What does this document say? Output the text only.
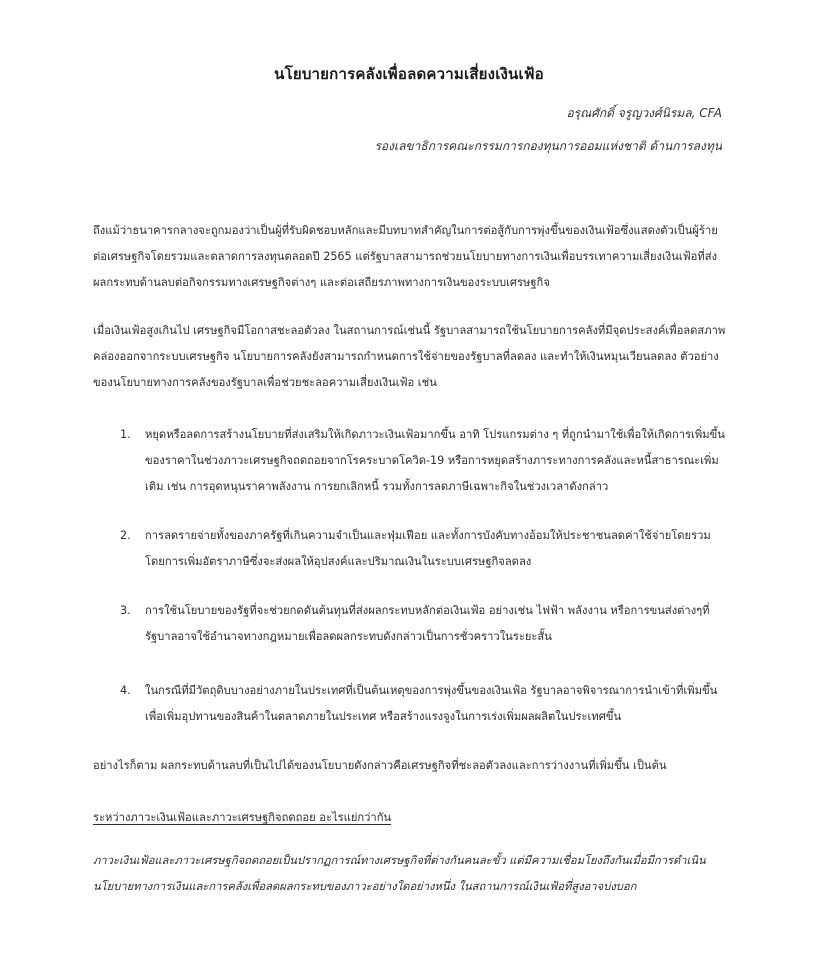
นโยบายการคลังเพื่อลดความเสี่ยงเงินเฟ้อ
อรุณศักดิ์ จรูญวงศ์นิรมล, CFA
รองเลขาธิการคณะกรรมการกองทุนการออมแห่งชาติ ด้านการลงทุน

ถึงแม้ว่าธนาคารกลางจะถูกมองว่าเป็นผู้ที่รับผิดชอบหลักและมีบทบาทสำคัญในการต่อสู้กับการพุ่งขึ้นของเงินเฟ้อซึ่งแสดงตัวเป็นผู้ร้ายต่อเศรษฐกิจโดยรวมและตลาดการลงทุนตลอดปี 2565 แต่รัฐบาลสามารถช่วยนโยบายทางการเงินเพื่อบรรเทาความเสี่ยงเงินเฟ้อที่ส่งผลกระทบด้านลบต่อกิจกรรมทางเศรษฐกิจต่างๆ และต่อเสถียรภาพทางการเงินของระบบเศรษฐกิจ

เมื่อเงินเฟ้อสูงเกินไป เศรษฐกิจมีโอกาสชะลอตัวลง ในสถานการณ์เช่นนี้ รัฐบาลสามารถใช้นโยบายการคลังที่มีจุดประสงค์เพื่อลดสภาพคล่องออกจากระบบเศรษฐกิจ นโยบายการคลังยังสามารถกำหนดการใช้จ่ายของรัฐบาลที่ลดลง และทำให้เงินหมุนเวียนลดลง ตัวอย่างของนโยบายทางการคลังของรัฐบาลเพื่อช่วยชะลอความเสี่ยงเงินเฟ้อ เช่น

1.	หยุดหรือลดการสร้างนโยบายที่ส่งเสริมให้เกิดภาวะเงินเฟ้อมากขึ้น อาทิ โปรแกรมต่าง ๆ ที่ถูกนำมาใช้เพื่อให้เกิดการเพิ่มขึ้นของราคาในช่วงภาวะเศรษฐกิจถดถอยจากโรคระบาดโควิด-19 หรือการหยุดสร้างภาระทางการคลังและหนี้สาธารณะเพิ่มเติม เช่น การอุดหนุนราคาพลังงาน การยกเลิกหนี้ รวมทั้งการลดภาษีเฉพาะกิจในช่วงเวลาดังกล่าว
2.	การลดรายจ่ายทั้งของภาครัฐที่เกินความจำเป็นและฟุ่มเฟือย และทั้งการบังคับทางอ้อมให้ประชาชนลดค่าใช้จ่ายโดยรวมโดยการเพิ่มอัตราภาษีซึ่งจะส่งผลให้อุปสงค์และปริมาณเงินในระบบเศรษฐกิจลดลง
3.	การใช้นโยบายของรัฐที่จะช่วยกดดันต้นทุนที่ส่งผลกระทบหลักต่อเงินเฟ้อ อย่างเช่น ไฟฟ้า พลังงาน หรือการขนส่งต่างๆที่รัฐบาลอาจใช้อำนาจทางกฎหมายเพื่อลดผลกระทบดังกล่าวเป็นการชั่วคราวในระยะสั้น
4.	ในกรณีที่มีวัตถุดิบบางอย่างภายในประเทศที่เป็นต้นเหตุของการพุ่งขึ้นของเงินเฟ้อ รัฐบาลอาจพิจารณาการนำเข้าที่เพิ่มขึ้นเพื่อเพิ่มอุปทานของสินค้าในตลาดภายในประเทศ หรือสร้างแรงจูงในการเร่งเพิ่มผลผลิตในประเทศขึ้น

อย่างไรก็ตาม ผลกระทบด้านลบที่เป็นไปได้ของนโยบายดังกล่าวคือเศรษฐกิจที่ชะลอตัวลงและการว่างงานที่เพิ่มขึ้น เป็นต้น

ระหว่างภาวะเงินเฟ้อและภาวะเศรษฐกิจถดถอย อะไรแย่กว่ากัน

ภาวะเงินเฟ้อและภาวะเศรษฐกิจถดถอยเป็นปรากฏการณ์ทางเศรษฐกิจที่ต่างกันคนละขั้ว แต่มีความเชื่อมโยงถึงกันเมื่อมีการดำเนินนโยบายทางการเงินและการคลังเพื่อลดผลกระทบของภาวะอย่างใดอย่างหนึ่ง ในสถานการณ์เงินเฟ้อที่สูงอาจบ่งบอก
